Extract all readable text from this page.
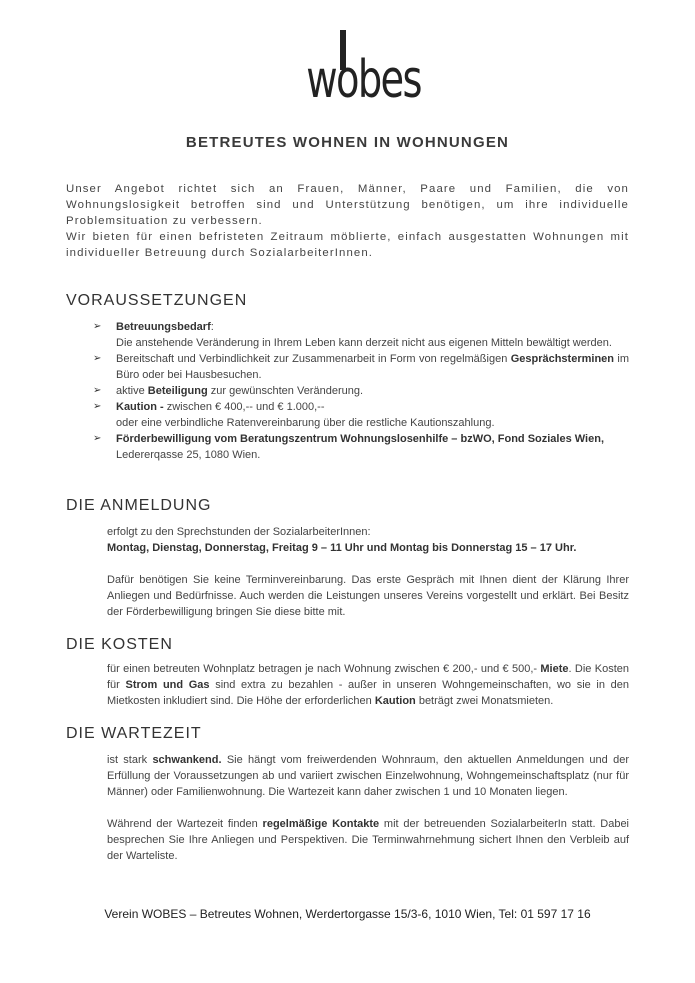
wobes
BETREUTES WOHNEN IN WOHNUNGEN

Unser Angebot richtet sich an Frauen, Männer, Paare und Familien, die von Wohnungslosigkeit betroffen sind und Unterstützung benötigen, um ihre individuelle Problemsituation zu verbessern.

Wir bieten für einen befristeten Zeitraum möblierte, einfach ausgestatten Wohnungen mit individueller Betreuung durch SozialarbeiterInnen.

VORAUSSETZUNGEN
➢ Betreuungsbedarf:
Die anstehende Veränderung in Ihrem Leben kann derzeit nicht aus eigenen Mitteln bewältigt werden.
➢ Bereitschaft und Verbindlichkeit zur Zusammenarbeit in Form von regelmäßigen Gesprächsterminen im Büro oder bei Hausbesuchen.
➢ aktive Beteiligung zur gewünschten Veränderung.
➢ Kaution - zwischen € 400,-- und € 1.000,--
oder eine verbindliche Ratenvereinbarung über die restliche Kautionszahlung.
➢ Förderbewilligung vom Beratungszentrum Wohnungslosenhilfe – bzWO, Fond Soziales Wien,
Ledererqasse 25, 1080 Wien.
DIE ANMELDUNG

erfolgt zu den Sprechstunden der SozialarbeiterInnen:

Montag, Dienstag, Donnerstag, Freitag 9 – 11 Uhr und Montag bis Donnerstag 15 – 17 Uhr.

Dafür benötigen Sie keine Terminvereinbarung. Das erste Gespräch mit Ihnen dient der Klärung Ihrer Anliegen und Bedürfnisse. Auch werden die Leistungen unseres Vereins vorgestellt und erklärt. Bei Besitz der Förderbewilligung bringen Sie diese bitte mit.

DIE KOSTEN

für einen betreuten Wohnplatz betragen je nach Wohnung zwischen € 200,- und € 500,- Miete. Die Kosten für Strom und Gas sind extra zu bezahlen - außer in unseren Wohngemeinschaften, wo sie in den Mietkosten inkludiert sind. Die Höhe der erforderlichen Kaution beträgt zwei Monatsmieten.

DIE WARTEZEIT

ist stark schwankend. Sie hängt vom freiwerdenden Wohnraum, den aktuellen Anmeldungen und der Erfüllung der Voraussetzungen ab und variiert zwischen Einzelwohnung, Wohngemeinschaftsplatz (nur für Männer) oder Familienwohnung. Die Wartezeit kann daher zwischen 1 und 10 Monaten liegen.

Während der Wartezeit finden regelmäßige Kontakte mit der betreuenden SozialarbeiterIn statt. Dabei besprechen Sie Ihre Anliegen und Perspektiven. Die Terminwahrnehmung sichert Ihnen den Verbleib auf der Warteliste.

Verein WOBES – Betreutes Wohnen, Werdertorgasse 15/3-6, 1010 Wien, Tel: 01 597 17 16
